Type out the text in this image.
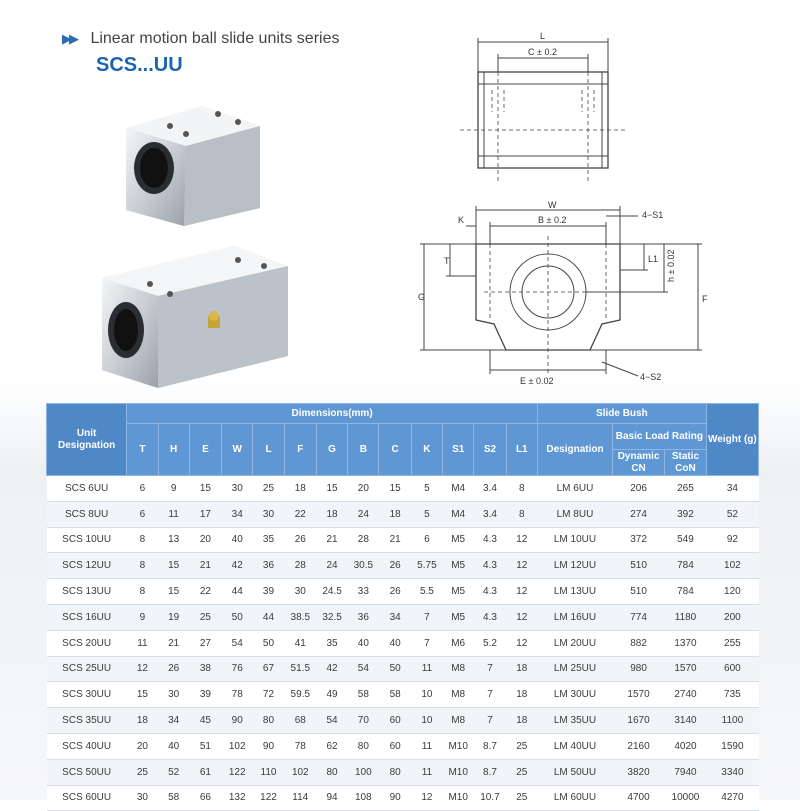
▶▶ Linear motion ball slide units series
SCS...UU
L
C ± 0.2
W
B ± 0.2
K	4−S1
4−S2
T	L1 h ± 0.02
G	F
E ± 0.02
Unit Designation	Dimensions(mm)													Slide Bush			Weight (g)
	T	H	E	W	L	F	G	B	C	K	S1	S2	L1	Designation	Basic Load Rating		
															Dynamic CN	Static CoN	
SCS 6UU	6	9	15	30	25	18	15	20	15	5	M4	3.4	8	LM 6UU	206	265	34
SCS 8UU	6	11	17	34	30	22	18	24	18	5	M4	3.4	8	LM 8UU	274	392	52
SCS 10UU	8	13	20	40	35	26	21	28	21	6	M5	4.3	12	LM 10UU	372	549	92
SCS 12UU	8	15	21	42	36	28	24	30.5	26	5.75	M5	4.3	12	LM 12UU	510	784	102
SCS 13UU	8	15	22	44	39	30	24.5	33	26	5.5	M5	4.3	12	LM 13UU	510	784	120
SCS 16UU	9	19	25	50	44	38.5	32.5	36	34	7	M5	4.3	12	LM 16UU	774	1180	200
SCS 20UU	11	21	27	54	50	41	35	40	40	7	M6	5.2	12	LM 20UU	882	1370	255
SCS 25UU	12	26	38	76	67	51.5	42	54	50	11	M8	7	18	LM 25UU	980	1570	600
SCS 30UU	15	30	39	78	72	59.5	49	58	58	10	M8	7	18	LM 30UU	1570	2740	735
SCS 35UU	18	34	45	90	80	68	54	70	60	10	M8	7	18	LM 35UU	1670	3140	1100
SCS 40UU	20	40	51	102	90	78	62	80	60	11	M10	8.7	25	LM 40UU	2160	4020	1590
SCS 50UU	25	52	61	122	110	102	80	100	80	11	M10	8.7	25	LM 50UU	3820	7940	3340
SCS 60UU	30	58	66	132	122	114	94	108	90	12	M10	10.7	25	LM 60UU	4700	10000	4270
